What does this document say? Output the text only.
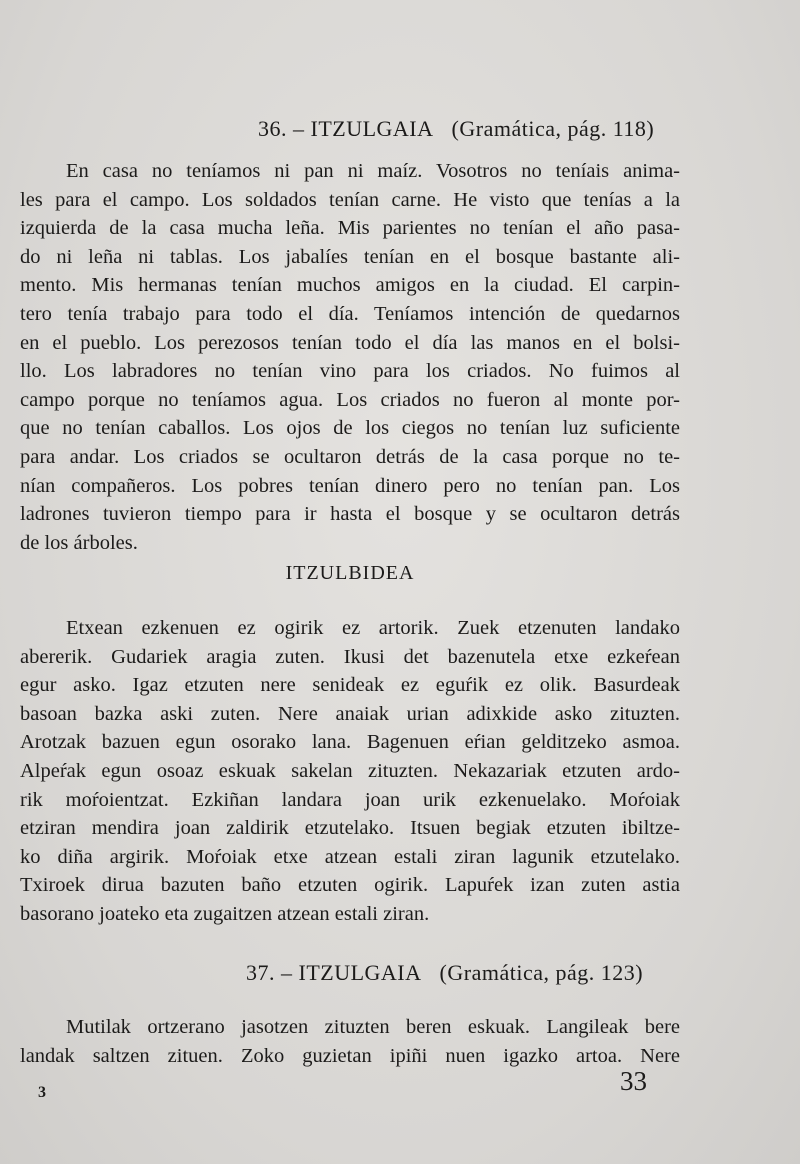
36. – ITZULGAIA (Gramática, pág. 118)
En casa no teníamos ni pan ni maíz. Vosotros no teníais anima-
les para el campo. Los soldados tenían carne. He visto que tenías a la
izquierda de la casa mucha leña. Mis parientes no tenían el año pasa-
do ni leña ni tablas. Los jabalíes tenían en el bosque bastante ali-
mento. Mis hermanas tenían muchos amigos en la ciudad. El carpin-
tero tenía trabajo para todo el día. Teníamos intención de quedarnos
en el pueblo. Los perezosos tenían todo el día las manos en el bolsi-
llo. Los labradores no tenían vino para los criados. No fuimos al
campo porque no teníamos agua. Los criados no fueron al monte por-
que no tenían caballos. Los ojos de los ciegos no tenían luz suficiente
para andar. Los criados se ocultaron detrás de la casa porque no te-
nían compañeros. Los pobres tenían dinero pero no tenían pan. Los
ladrones tuvieron tiempo para ir hasta el bosque y se ocultaron detrás
de los árboles.
ITZULBIDEA
Etxean ezkenuen ez ogirik ez artorik. Zuek etzenuten landako
abererik. Gudariek aragia zuten. Ikusi det bazenutela etxe ezkeŕean
egur asko. Igaz etzuten nere senideak ez eguŕik ez olik. Basurdeak
basoan bazka aski zuten. Nere anaiak urian adixkide asko zituzten.
Arotzak bazuen egun osorako lana. Bagenuen eŕian gelditzeko asmoa.
Alpeŕak egun osoaz eskuak sakelan zituzten. Nekazariak etzuten ardo-
rik moŕoientzat. Ezkiñan landara joan urik ezkenuelako. Moŕoiak
etziran mendira joan zaldirik etzutelako. Itsuen begiak etzuten ibiltze-
ko diña argirik. Moŕoiak etxe atzean estali ziran lagunik etzutelako.
Txiroek dirua bazuten baño etzuten ogirik. Lapuŕek izan zuten astia
basorano joateko eta zugaitzen atzean estali ziran.
37. – ITZULGAIA (Gramática, pág. 123)
Mutilak ortzerano jasotzen zituzten beren eskuak. Langileak bere
landak saltzen zituen. Zoko guzietan ipiñi nuen igazko artoa. Nere
3	33
